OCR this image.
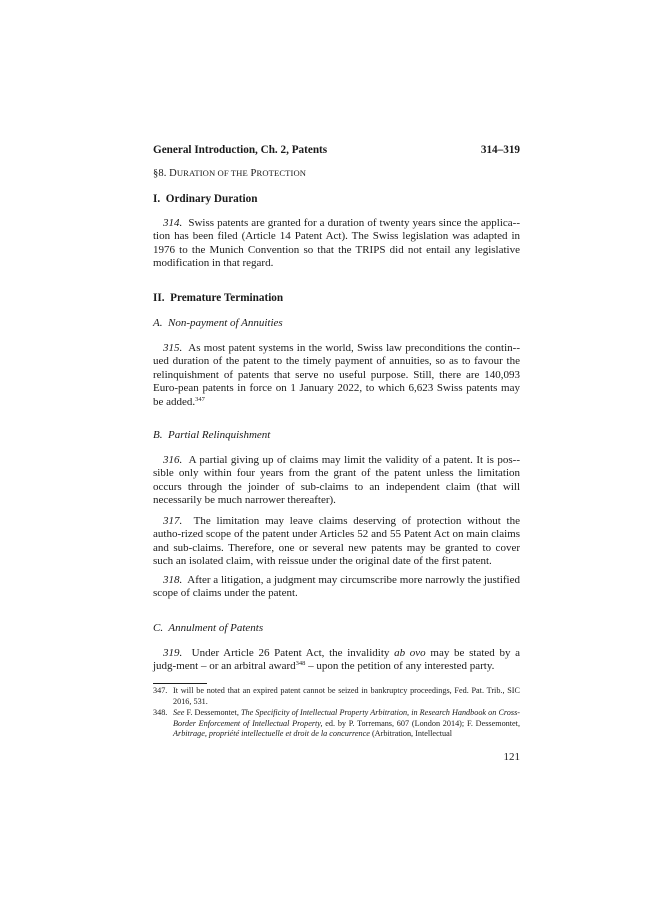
General Introduction, Ch. 2, Patents	314–319
§8. DURATION OF THE PROTECTION
I. Ordinary Duration
314. Swiss patents are granted for a duration of twenty years since the applica-tion has been filed (Article 14 Patent Act). The Swiss legislation was adapted in 1976 to the Munich Convention so that the TRIPS did not entail any legislative modification in that regard.
II. Premature Termination
A. Non-payment of Annuities
315. As most patent systems in the world, Swiss law preconditions the contin-ued duration of the patent to the timely payment of annuities, so as to favour the relinquishment of patents that serve no useful purpose. Still, there are 140,093 Euro-pean patents in force on 1 January 2022, to which 6,623 Swiss patents may be added.$^{347}$
B. Partial Relinquishment
316. A partial giving up of claims may limit the validity of a patent. It is pos-sible only within four years from the grant of the patent unless the limitation occurs through the joinder of sub-claims to an independent claim (that will necessarily be much narrower thereafter).
317. The limitation may leave claims deserving of protection without the autho-rized scope of the patent under Articles 52 and 55 Patent Act on main claims and sub-claims. Therefore, one or several new patents may be granted to cover such an isolated claim, with reissue under the original date of the first patent.
318. After a litigation, a judgment may circumscribe more narrowly the justified scope of claims under the patent.
C. Annulment of Patents
319. Under Article 26 Patent Act, the invalidity ab ovo may be stated by a judg-ment – or an arbitral award$^{348}$ – upon the petition of any interested party.
347. It will be noted that an expired patent cannot be seized in bankruptcy proceedings, Fed. Pat. Trib., SIC 2016, 531.
348. See F. Dessemontet, The Specificity of Intellectual Property Arbitration, in Research Handbook on Cross-Border Enforcement of Intellectual Property, ed. by P. Torremans, 607 (London 2014); F. Dessemontet, Arbitrage, propriété intellectuelle et droit de la concurrence (Arbitration, Intellectual
121
